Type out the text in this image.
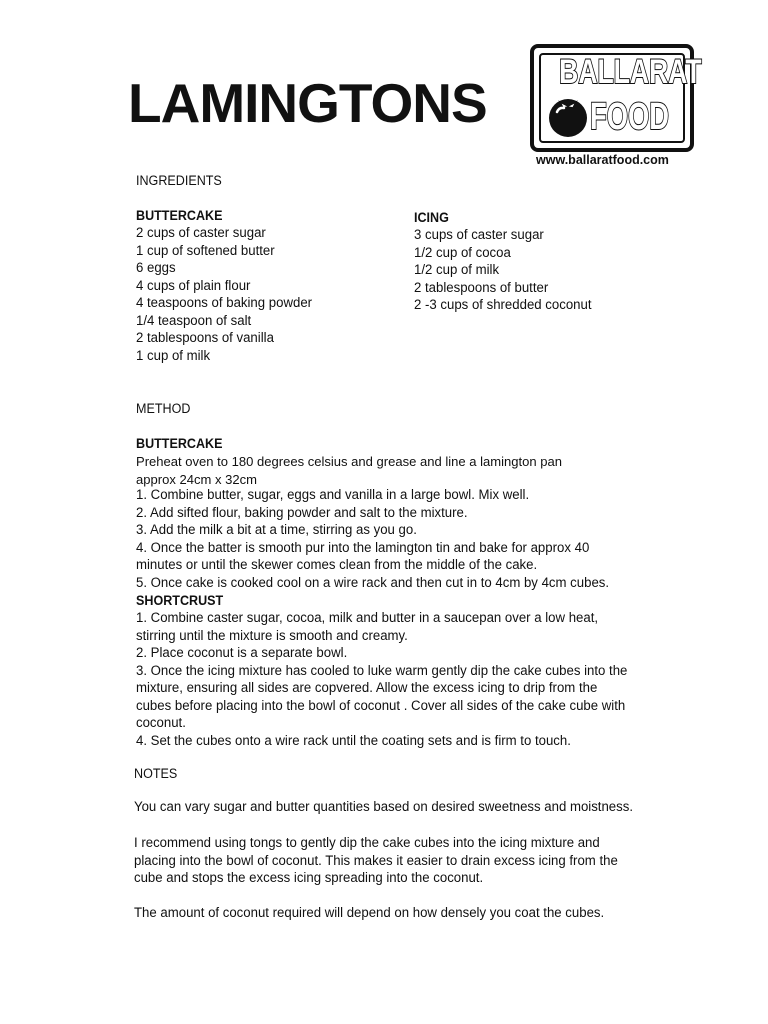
LAMINGTONS BALLARAT
FOOD
www.ballaratfood.com
INGREDIENTS
BUTTERCAKE
2 cups of caster sugar
1 cup of softened butter
6 eggs
4 cups of plain flour
4 teaspoons of baking powder
1/4 teaspoon of salt
2 tablespoons of vanilla
1 cup of milk
ICING
3 cups of caster sugar
1/2 cup of cocoa
1/2 cup of milk
2 tablespoons of butter
2 -3 cups of shredded coconut
METHOD
BUTTERCAKE
Preheat oven to 180 degrees celsius and grease and line a lamington pan
approx 24cm x 32cm
1. Combine butter, sugar, eggs and vanilla in a large bowl. Mix well.
2. Add sifted flour, baking powder and salt to the mixture.
3. Add the milk a bit at a time, stirring as you go.
4. Once the batter is smooth pur into the lamington tin and bake for approx 40
minutes or until the skewer comes clean from the middle of the cake.
5. Once cake is cooked cool on a wire rack and then cut in to 4cm by 4cm cubes.
SHORTCRUST
1. Combine caster sugar, cocoa, milk and butter in a saucepan over a low heat,
stirring until the mixture is smooth and creamy.
2. Place coconut is a separate bowl.
3. Once the icing mixture has cooled to luke warm gently dip the cake cubes into the
mixture, ensuring all sides are copvered. Allow the excess icing to drip from the
cubes before placing into the bowl of coconut . Cover all sides of the cake cube with
coconut.
4. Set the cubes onto a wire rack until the coating sets and is firm to touch.
NOTES
You can vary sugar and butter quantities based on desired sweetness and moistness.
I recommend using tongs to gently dip the cake cubes into the icing mixture and
placing into the bowl of coconut. This makes it easier to drain excess icing from the
cube and stops the excess icing spreading into the coconut.
The amount of coconut required will depend on how densely you coat the cubes.
